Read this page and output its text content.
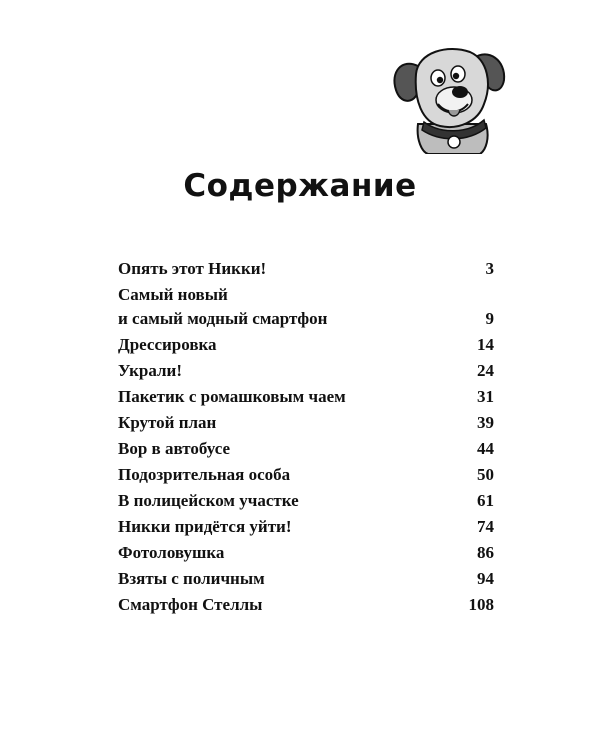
Содержание
Опять этот Никки!	3
Самый новый
и самый модный смартфон	9
Дрессировка	14
Украли!	24
Пакетик с ромашковым чаем	31
Крутой план	39
Вор в автобусе	44
Подозрительная особа	50
В полицейском участке	61
Никки придётся уйти!	74
Фотоловушка	86
Взяты с поличным	94
Смартфон Стеллы	108
